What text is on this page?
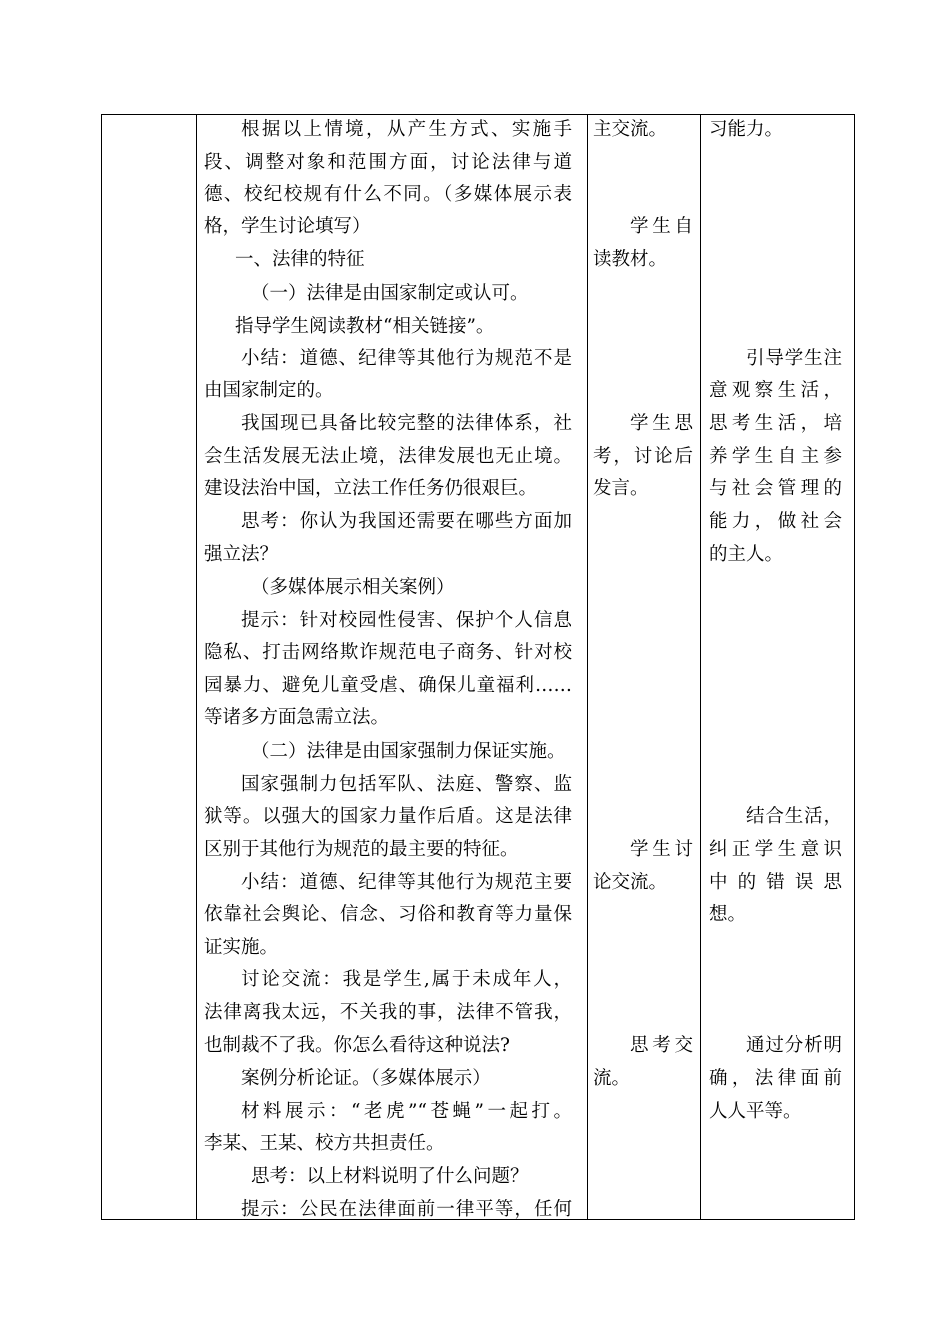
根据以上情境，从产生方式、实施手
段、调整对象和范围方面，讨论法律与道
德、校纪校规有什么不同。（多媒体展示表
格，学生讨论填写）
一、法律的特征
（一）法律是由国家制定或认可。
指导学生阅读教材“相关链接”。
小结：道德、纪律等其他行为规范不是
由国家制定的。
我国现已具备比较完整的法律体系，社
会生活发展无法止境，法律发展也无止境。
建设法治中国，立法工作任务仍很艰巨。
思考：你认为我国还需要在哪些方面加
强立法？
（多媒体展示相关案例）
提示：针对校园性侵害、保护个人信息
隐私、打击网络欺诈规范电子商务、针对校
园暴力、避免儿童受虐、确保儿童福利……
等诸多方面急需立法。
（二）法律是由国家强制力保证实施。
国家强制力包括军队、法庭、警察、监
狱等。以强大的国家力量作后盾。这是法律
区别于其他行为规范的最主要的特征。
小结：道德、纪律等其他行为规范主要
依靠社会舆论、信念、习俗和教育等力量保
证实施。
讨论交流：我是学生,属于未成年人，
法律离我太远，不关我的事，法律不管我，
也制裁不了我。你怎么看待这种说法?
案例分析论证。（多媒体展示）
材料展示：“老虎”“苍蝇”一起打。
李某、王某、校方共担责任。
思考：以上材料说明了什么问题？
提示：公民在法律面前一律平等，任何

主交流。
学生自
读教材。
学生思
考，讨论后
发言。
学生讨
论交流。
思考交
流。

习能力。
引导学生注
意观察生活，
思考生活，培
养学生自主参
与社会管理的
能力，做社会
的主人。
结合生活，
纠正学生意识
中的错误思
想。
通过分析明
确，法律面前
人人平等。
